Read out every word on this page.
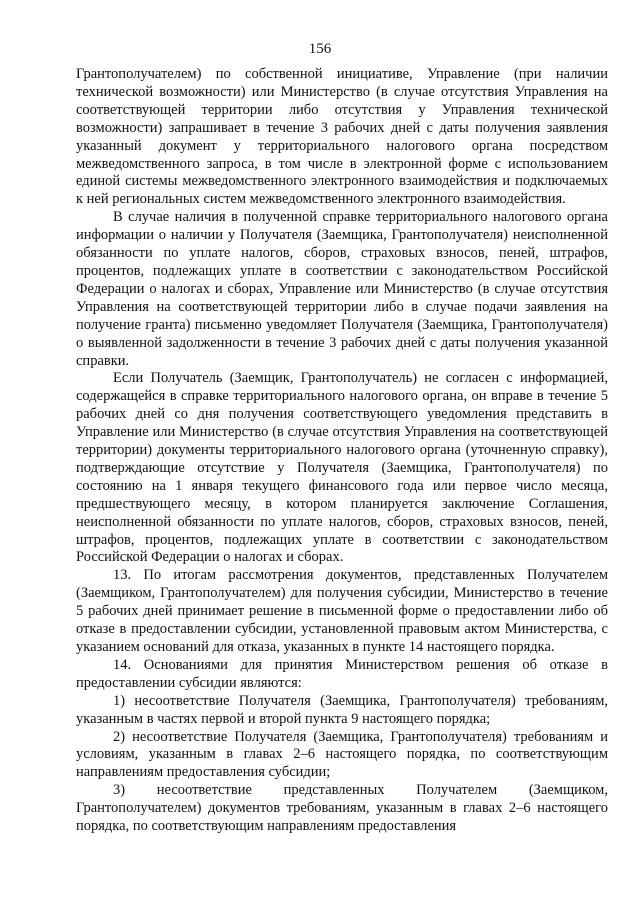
156

Грантополучателем) по собственной инициативе, Управление (при наличии технической возможности) или Министерство (в случае отсутствия Управления на соответствующей территории либо отсутствия у Управления технической возможности) запрашивает в течение 3 рабочих дней с даты получения заявления указанный документ у территориального налогового органа посредством межведомственного запроса, в том числе в электронной форме с использованием единой системы межведомственного электронного взаимодействия и подключаемых к ней региональных систем межведомственного электронного взаимодействия.

В случае наличия в полученной справке территориального налогового органа информации о наличии у Получателя (Заемщика, Грантополучателя) неисполненной обязанности по уплате налогов, сборов, страховых взносов, пеней, штрафов, процентов, подлежащих уплате в соответствии с законодательством Российской Федерации о налогах и сборах, Управление или Министерство (в случае отсутствия Управления на соответствующей территории либо в случае подачи заявления на получение гранта) письменно уведомляет Получателя (Заемщика, Грантополучателя) о выявленной задолженности в течение 3 рабочих дней с даты получения указанной справки.

Если Получатель (Заемщик, Грантополучатель) не согласен с информацией, содержащейся в справке территориального налогового органа, он вправе в течение 5 рабочих дней со дня получения соответствующего уведомления представить в Управление или Министерство (в случае отсутствия Управления на соответствующей территории) документы территориального налогового органа (уточненную справку), подтверждающие отсутствие у Получателя (Заемщика, Грантополучателя) по состоянию на 1 января текущего финансового года или первое число месяца, предшествующего месяцу, в котором планируется заключение Соглашения, неисполненной обязанности по уплате налогов, сборов, страховых взносов, пеней, штрафов, процентов, подлежащих уплате в соответствии с законодательством Российской Федерации о налогах и сборах.

13. По итогам рассмотрения документов, представленных Получателем (Заемщиком, Грантополучателем) для получения субсидии, Министерство в течение 5 рабочих дней принимает решение в письменной форме о предоставлении либо об отказе в предоставлении субсидии, установленной правовым актом Министерства, с указанием оснований для отказа, указанных в пункте 14 настоящего порядка.

14. Основаниями для принятия Министерством решения об отказе в предоставлении субсидии являются:

1) несоответствие Получателя (Заемщика, Грантополучателя) требованиям, указанным в частях первой и второй пункта 9 настоящего порядка;

2) несоответствие Получателя (Заемщика, Грантополучателя) требованиям и условиям, указанным в главах 2–6 настоящего порядка, по соответствующим направлениям предоставления субсидии;

3) несоответствие представленных Получателем (Заемщиком, Грантополучателем) документов требованиям, указанным в главах 2–6 настоящего порядка, по соответствующим направлениям предоставления
